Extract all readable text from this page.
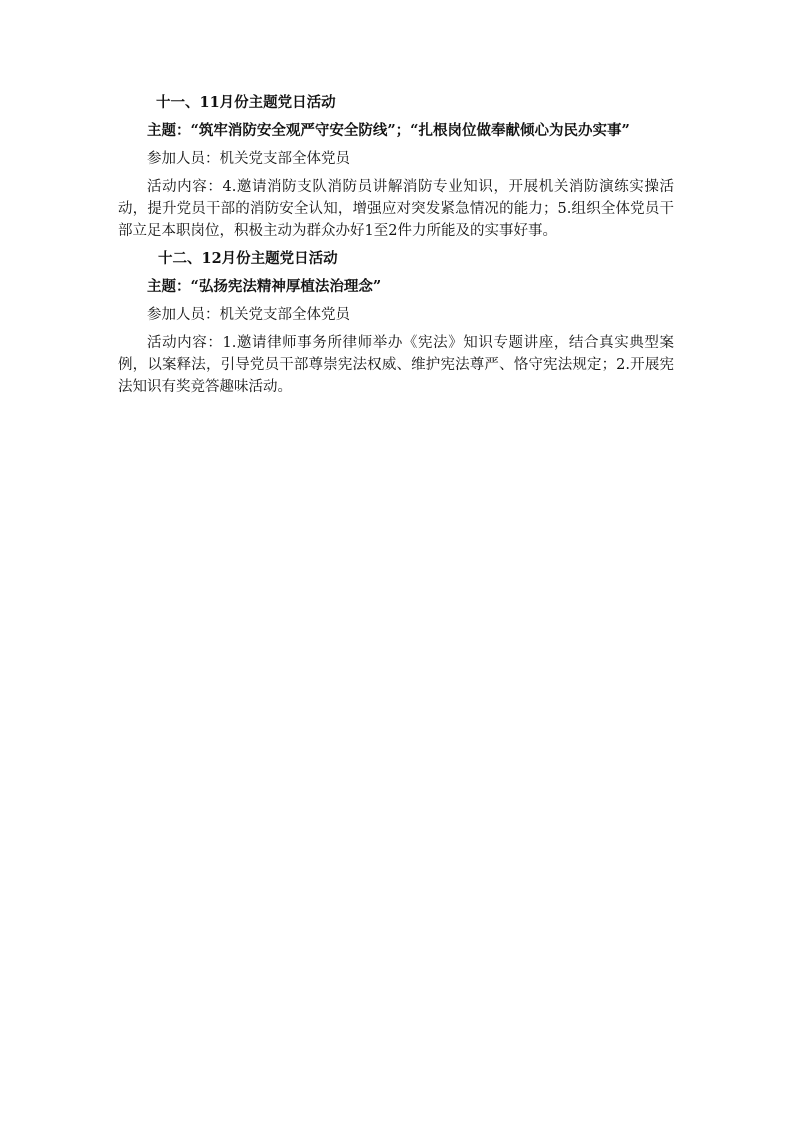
十一、11月份主题党日活动

主题：“筑牢消防安全观严守安全防线”；“扎根岗位做奉献倾心为民办实事”

参加人员：机关党支部全体党员

活动内容：4.邀请消防支队消防员讲解消防专业知识，开展机关消防演练实操活动，提升党员干部的消防安全认知，增强应对突发紧急情况的能力；5.组织全体党员干部立足本职岗位，积极主动为群众办好1至2件力所能及的实事好事。

十二、12月份主题党日活动

主题：“弘扬宪法精神厚植法治理念”

参加人员：机关党支部全体党员

活动内容：1.邀请律师事务所律师举办《宪法》知识专题讲座，结合真实典型案例，以案释法，引导党员干部尊崇宪法权威、维护宪法尊严、恪守宪法规定；2.开展宪法知识有奖竞答趣味活动。
